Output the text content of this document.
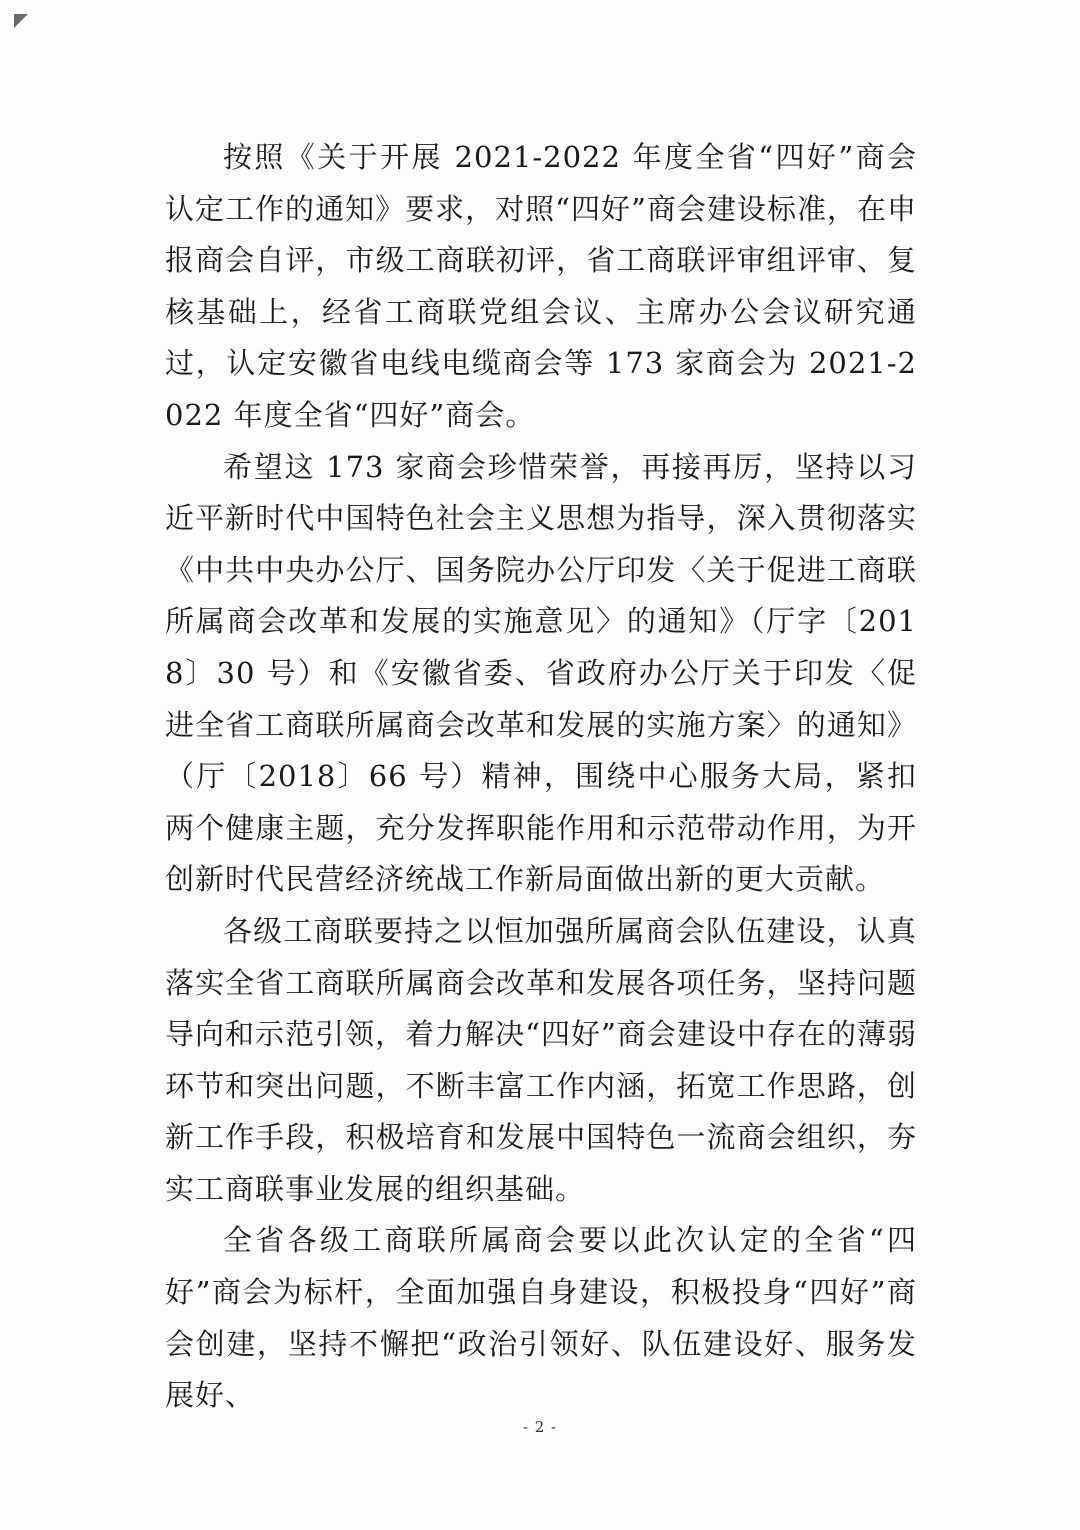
按照《关于开展 2021-2022 年度全省“四好”商会认定工作的通知》要求，对照“四好”商会建设标准，在申报商会自评，市级工商联初评，省工商联评审组评审、复核基础上，经省工商联党组会议、主席办公会议研究通过，认定安徽省电线电缆商会等 173 家商会为 2021-2022 年度全省“四好”商会。

希望这 173 家商会珍惜荣誉，再接再厉，坚持以习近平新时代中国特色社会主义思想为指导，深入贯彻落实《中共中央办公厅、国务院办公厅印发〈关于促进工商联所属商会改革和发展的实施意见〉的通知》（厅字〔2018〕30 号）和《安徽省委、省政府办公厅关于印发〈促进全省工商联所属商会改革和发展的实施方案〉的通知》（厅〔2018〕66 号）精神，围绕中心服务大局，紧扣两个健康主题，充分发挥职能作用和示范带动作用，为开创新时代民营经济统战工作新局面做出新的更大贡献。

各级工商联要持之以恒加强所属商会队伍建设，认真落实全省工商联所属商会改革和发展各项任务，坚持问题导向和示范引领，着力解决“四好”商会建设中存在的薄弱环节和突出问题，不断丰富工作内涵，拓宽工作思路，创新工作手段，积极培育和发展中国特色一流商会组织，夯实工商联事业发展的组织基础。

全省各级工商联所属商会要以此次认定的全省“四好”商会为标杆，全面加强自身建设，积极投身“四好”商会创建，坚持不懈把“政治引领好、队伍建设好、服务发展好、

- 2 -
